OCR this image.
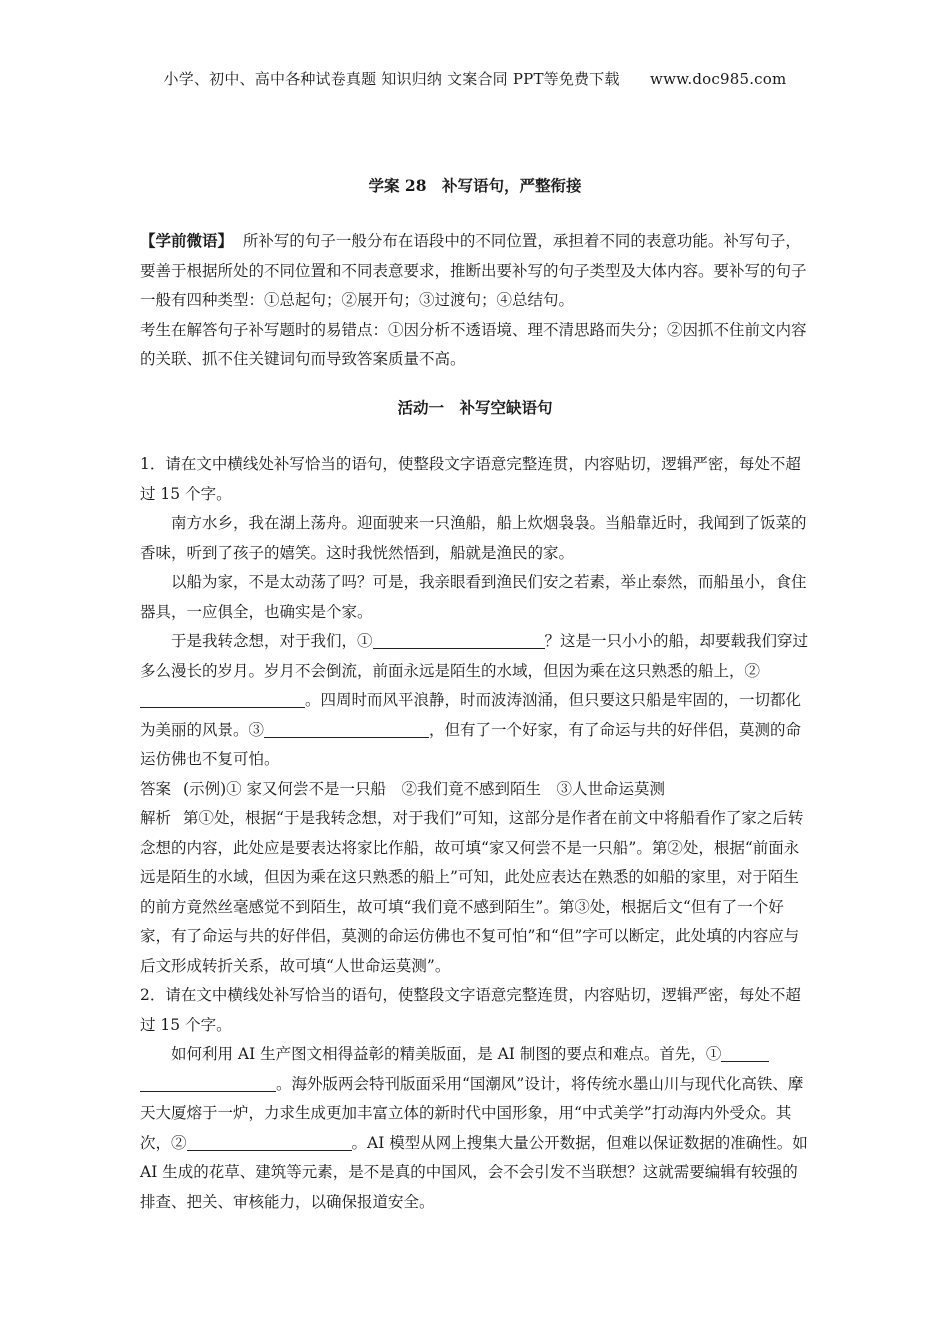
小学、初中、高中各种试卷真题 知识归纳 文案合同 PPT等免费下载　　www.doc985.com
学案 28　补写语句，严整衔接

【学前微语】 所补写的句子一般分布在语段中的不同位置，承担着不同的表意功能。补写句子，要善于根据所处的不同位置和不同表意要求，推断出要补写的句子类型及大体内容。要补写的句子一般有四种类型：①总起句；②展开句；③过渡句；④总结句。

考生在解答句子补写题时的易错点：①因分析不透语境、理不清思路而失分；②因抓不住前文内容的关联、抓不住关键词句而导致答案质量不高。

活动一　补写空缺语句

1．请在文中横线处补写恰当的语句，使整段文字语意完整连贯，内容贴切，逻辑严密，每处不超过 15 个字。

南方水乡，我在湖上荡舟。迎面驶来一只渔船，船上炊烟袅袅。当船靠近时，我闻到了饭菜的香味，听到了孩子的嬉笑。这时我恍然悟到，船就是渔民的家。

以船为家，不是太动荡了吗？可是，我亲眼看到渔民们安之若素，举止泰然，而船虽小，食住器具，一应俱全，也确实是个家。

于是我转念想，对于我们，①	？这是一只小小的船，却要载我们穿过多么漫长的岁月。岁月不会倒流，前面永远是陌生的水域，但因为乘在这只熟悉的船上，②。四周时而风平浪静，时而波涛汹涌，但只要这只船是牢固的，一切都化为美丽的风景。③	，但有了一个好家，有了命运与共的好伴侣，莫测的命运仿佛也不复可怕。

答案 (示例)① 家又何尝不是一只船　②我们竟不感到陌生　③人世命运莫测

解析 第①处，根据“于是我转念想，对于我们”可知，这部分是作者在前文中将船看作了家之后转念想的内容，此处应是要表达将家比作船，故可填“家又何尝不是一只船”。第②处，根据“前面永远是陌生的水域，但因为乘在这只熟悉的船上”可知，此处应表达在熟悉的如船的家里，对于陌生的前方竟然丝毫感觉不到陌生，故可填“我们竟不感到陌生”。第③处，根据后文“但有了一个好家，有了命运与共的好伴侣，莫测的命运仿佛也不复可怕”和“但”字可以断定，此处填的内容应与后文形成转折关系，故可填“人世命运莫测”。

2．请在文中横线处补写恰当的语句，使整段文字语意完整连贯，内容贴切，逻辑严密，每处不超过 15 个字。

如何利用 AI 生产图文相得益彰的精美版面，是 AI 制图的要点和难点。首先，①。海外版两会特刊版面采用“国潮风”设计，将传统水墨山川与现代化高铁、摩天大厦熔于一炉，力求生成更加丰富立体的新时代中国形象，用“中式美学”打动海内外受众。其次，②	。AI 模型从网上搜集大量公开数据，但难以保证数据的准确性。如 AI 生成的花草、建筑等元素，是不是真的中国风，会不会引发不当联想？这就需要编辑有较强的排查、把关、审核能力，以确保报道安全。
